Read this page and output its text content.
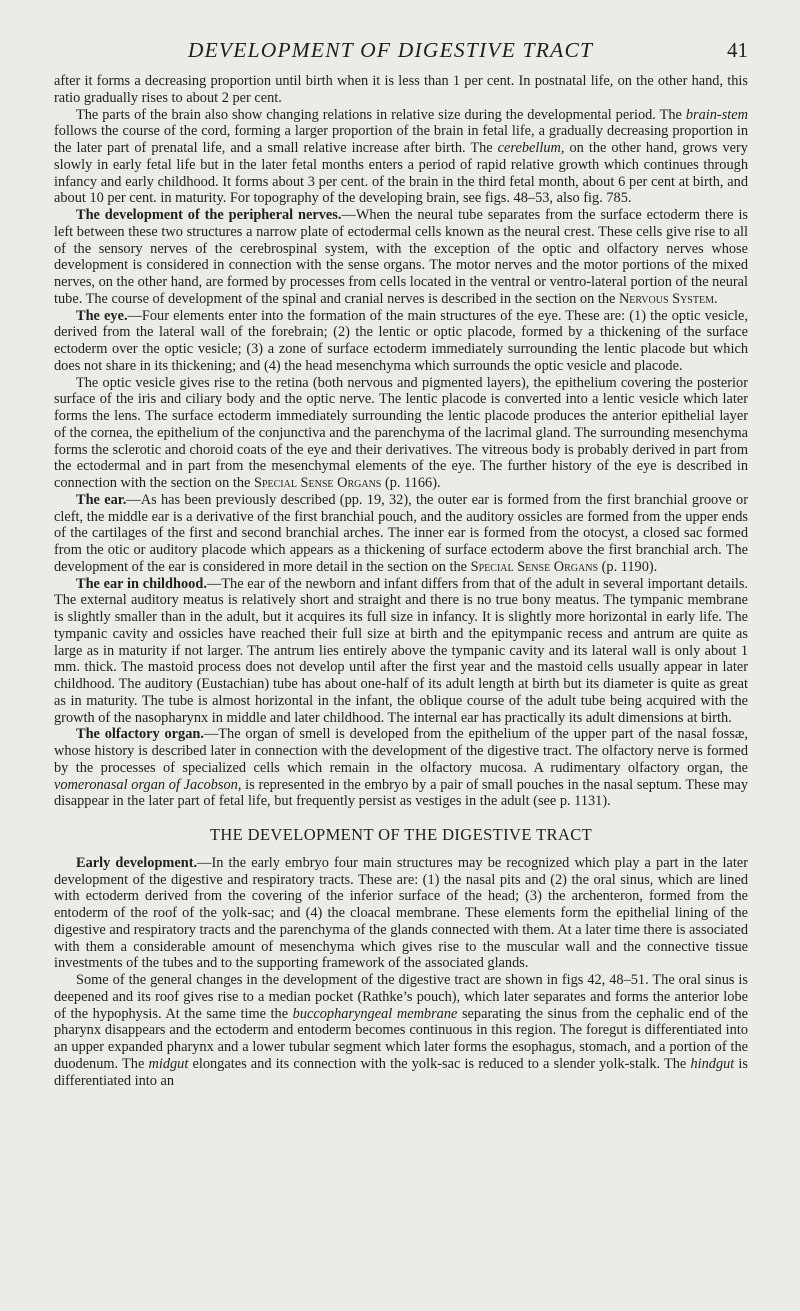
DEVELOPMENT OF DIGESTIVE TRACT	41

after it forms a decreasing proportion until birth when it is less than 1 per cent. In postnatal life, on the other hand, this ratio gradually rises to about 2 per cent.

The parts of the brain also show changing relations in relative size during the developmental period. The brain-stem follows the course of the cord, forming a larger proportion of the brain in fetal life, a gradually decreasing proportion in the later part of prenatal life, and a small relative increase after birth. The cerebellum, on the other hand, grows very slowly in early fetal life but in the later fetal months enters a period of rapid relative growth which continues through infancy and early childhood. It forms about 3 per cent. of the brain in the third fetal month, about 6 per cent at birth, and about 10 per cent. in maturity. For topography of the developing brain, see figs. 48–53, also fig. 785.

The development of the peripheral nerves.—When the neural tube separates from the surface ectoderm there is left between these two structures a narrow plate of ectodermal cells known as the neural crest. These cells give rise to all of the sensory nerves of the cerebrospinal system, with the exception of the optic and olfactory nerves whose development is considered in connection with the sense organs. The motor nerves and the motor portions of the mixed nerves, on the other hand, are formed by processes from cells located in the ventral or ventro-lateral portion of the neural tube. The course of development of the spinal and cranial nerves is described in the section on the Nervous System.

The eye.—Four elements enter into the formation of the main structures of the eye. These are: (1) the optic vesicle, derived from the lateral wall of the forebrain; (2) the lentic or optic placode, formed by a thickening of the surface ectoderm over the optic vesicle; (3) a zone of surface ectoderm immediately surrounding the lentic placode but which does not share in its thickening; and (4) the head mesenchyma which surrounds the optic vesicle and placode.

The optic vesicle gives rise to the retina (both nervous and pigmented layers), the epithelium covering the posterior surface of the iris and ciliary body and the optic nerve. The lentic placode is converted into a lentic vesicle which later forms the lens. The surface ectoderm immediately surrounding the lentic placode produces the anterior epithelial layer of the cornea, the epithelium of the conjunctiva and the parenchyma of the lacrimal gland. The surrounding mesenchyma forms the sclerotic and choroid coats of the eye and their derivatives. The vitreous body is probably derived in part from the ectodermal and in part from the mesenchymal elements of the eye. The further history of the eye is described in connection with the section on the Special Sense Organs (p. 1166).

The ear.—As has been previously described (pp. 19, 32), the outer ear is formed from the first branchial groove or cleft, the middle ear is a derivative of the first branchial pouch, and the auditory ossicles are formed from the upper ends of the cartilages of the first and second branchial arches. The inner ear is formed from the otocyst, a closed sac formed from the otic or auditory placode which appears as a thickening of surface ectoderm above the first branchial arch. The development of the ear is considered in more detail in the section on the Special Sense Organs (p. 1190).

The ear in childhood.—The ear of the newborn and infant differs from that of the adult in several important details. The external auditory meatus is relatively short and straight and there is no true bony meatus. The tympanic membrane is slightly smaller than in the adult, but it acquires its full size in infancy. It is slightly more horizontal in early life. The tympanic cavity and ossicles have reached their full size at birth and the epitympanic recess and antrum are quite as large as in maturity if not larger. The antrum lies entirely above the tympanic cavity and its lateral wall is only about 1 mm. thick. The mastoid process does not develop until after the first year and the mastoid cells usually appear in later childhood. The auditory (Eustachian) tube has about one-half of its adult length at birth but its diameter is quite as great as in maturity. The tube is almost horizontal in the infant, the oblique course of the adult tube being acquired with the growth of the nasopharynx in middle and later childhood. The internal ear has practically its adult dimensions at birth.

The olfactory organ.—The organ of smell is developed from the epithelium of the upper part of the nasal fossæ, whose history is described later in connection with the development of the digestive tract. The olfactory nerve is formed by the processes of specialized cells which remain in the olfactory mucosa. A rudimentary olfactory organ, the vomeronasal organ of Jacobson, is represented in the embryo by a pair of small pouches in the nasal septum. These may disappear in the later part of fetal life, but frequently persist as vestiges in the adult (see p. 1131).

THE DEVELOPMENT OF THE DIGESTIVE TRACT

Early development.—In the early embryo four main structures may be recognized which play a part in the later development of the digestive and respiratory tracts. These are: (1) the nasal pits and (2) the oral sinus, which are lined with ectoderm derived from the covering of the inferior surface of the head; (3) the archenteron, formed from the entoderm of the roof of the yolk-sac; and (4) the cloacal membrane. These elements form the epithelial lining of the digestive and respiratory tracts and the parenchyma of the glands connected with them. At a later time there is associated with them a considerable amount of mesenchyma which gives rise to the muscular wall and the connective tissue investments of the tubes and to the supporting framework of the associated glands.

Some of the general changes in the development of the digestive tract are shown in figs 42, 48–51. The oral sinus is deepened and its roof gives rise to a median pocket (Rathke’s pouch), which later separates and forms the anterior lobe of the hypophysis. At the same time the buccopharyngeal membrane separating the sinus from the cephalic end of the pharynx disappears and the ectoderm and entoderm becomes continuous in this region. The foregut is differentiated into an upper expanded pharynx and a lower tubular segment which later forms the esophagus, stomach, and a portion of the duodenum. The midgut elongates and its connection with the yolk-sac is reduced to a slender yolk-stalk. The hindgut is differentiated into an
